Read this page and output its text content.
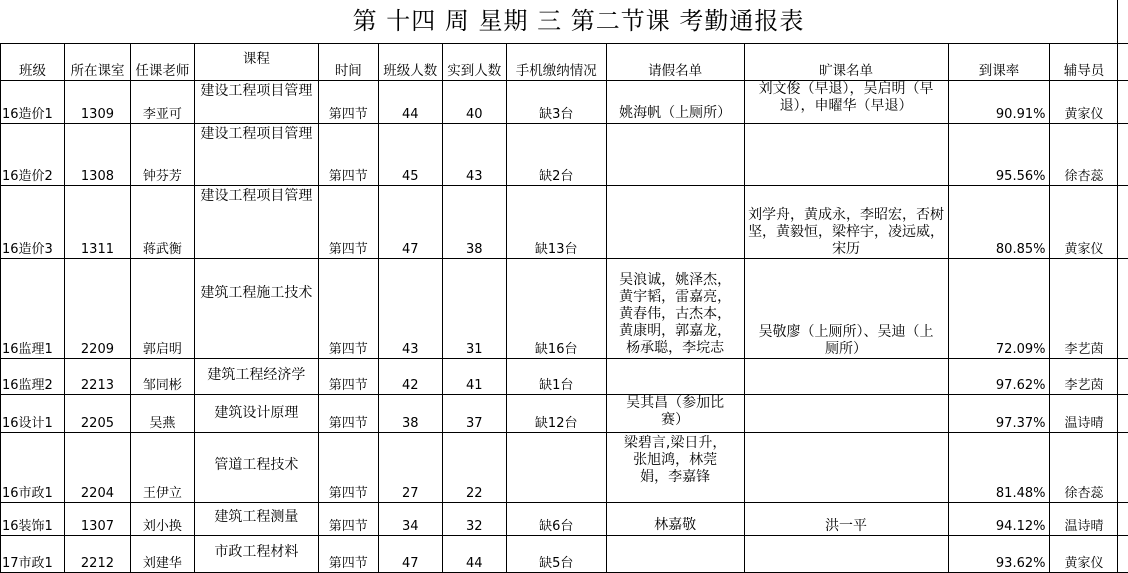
第 十四 周 星期 三 第二节课 考勤通报表												
班级	所在课室	任课老师	课程	时间	班级人数	实到人数	手机缴纳情况	请假名单	旷课名单	到课率	辅导员	
16造价1	1309	李亚可	建设工程项目管理	第四节	44	40	缺3台	姚海帆（上厕所）	刘文俊（早退），吴启明（早退），申曜华（早退）	90.91%	黄家仪	
16造价2	1308	钟芬芳	建设工程项目管理	第四节	45	43	缺2台			95.56%	徐杏蕊	
16造价3	1311	蒋武衡	建设工程项目管理	第四节	47	38	缺13台		刘学舟，黄成永，李昭宏，否树坚，黄毅恒，梁梓宇，凌远威，宋历	80.85%	黄家仪	
16监理1	2209	郭启明	建筑工程施工技术	第四节	43	31	缺16台	吴浪诚，姚泽杰，黄宇韬，雷嘉亮，黄春伟，古杰本，黄康明，郭嘉龙，杨承聪，李垸志	吴敬廖（上厕所）、吴迪（上厕所）	72.09%	李艺茵	
16监理2	2213	邹同彬	建筑工程经济学	第四节	42	41	缺1台			97.62%	李艺茵	
16设计1	2205	吴燕	建筑设计原理	第四节	38	37	缺12台	吴其昌（参加比赛）		97.37%	温诗晴	
16市政1	2204	王伊立	管道工程技术	第四节	27	22		梁碧言,梁日升，张旭鸿，林莞娟，李嘉锋		81.48%	徐杏蕊	
16装饰1	1307	刘小换	建筑工程测量	第四节	34	32	缺6台	林嘉敬	洪一平	94.12%	温诗晴	
17市政1	2212	刘建华	市政工程材料	第四节	47	44	缺5台			93.62%	黄家仪	
